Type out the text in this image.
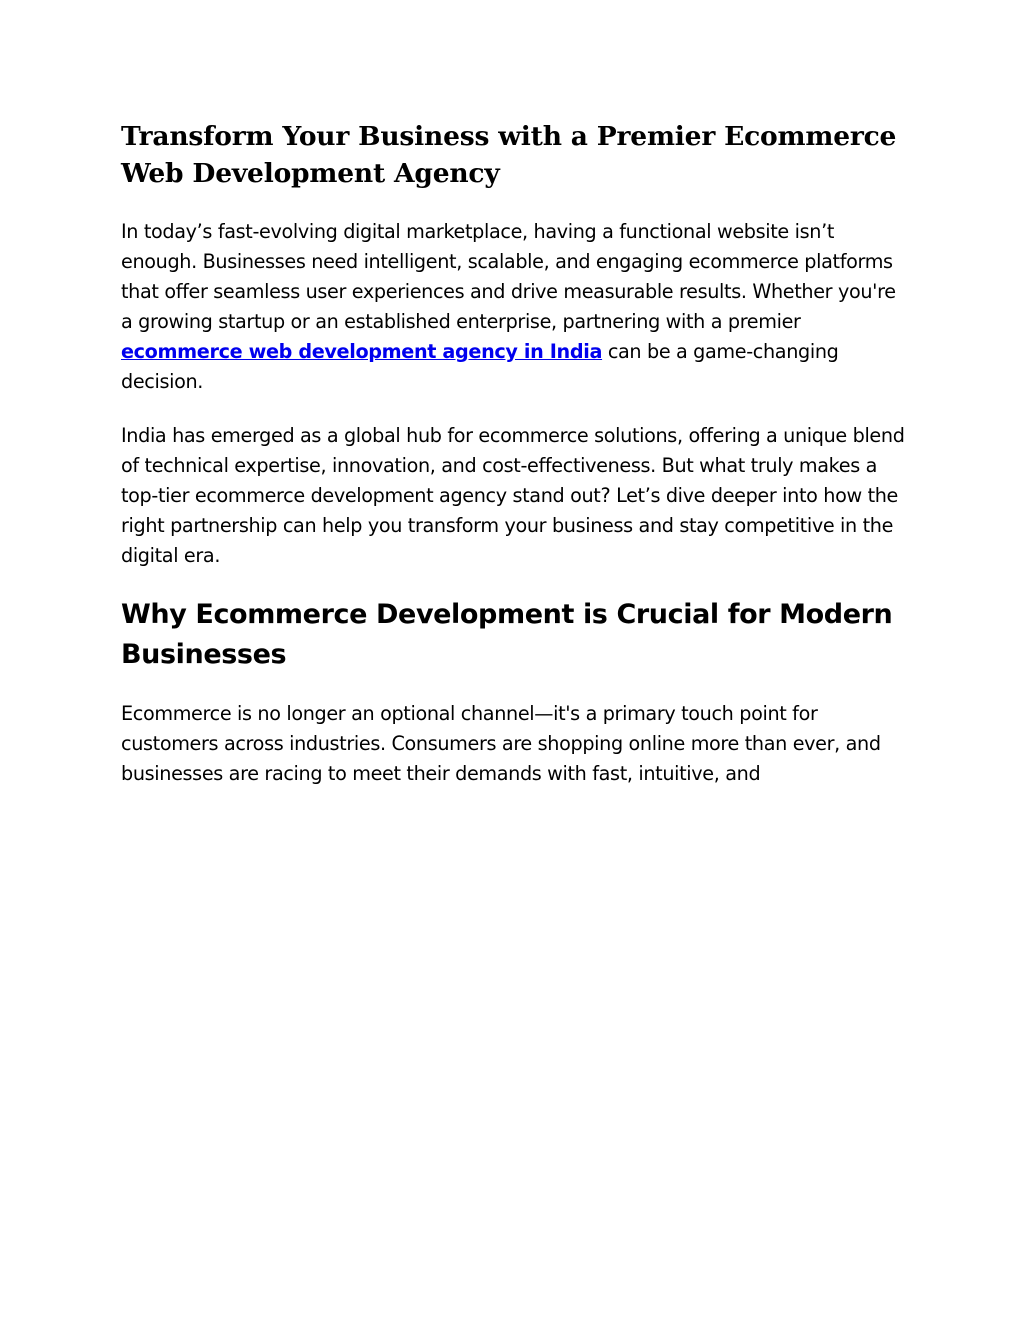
Transform Your Business with a Premier Ecommerce Web Development Agency

In today’s fast-evolving digital marketplace, having a functional website isn’t enough. Businesses need intelligent, scalable, and engaging ecommerce platforms that offer seamless user experiences and drive measurable results. Whether you're a growing startup or an established enterprise, partnering with a premier ecommerce web development agency in India can be a game-changing decision.

India has emerged as a global hub for ecommerce solutions, offering a unique blend of technical expertise, innovation, and cost-effectiveness. But what truly makes a top-tier ecommerce development agency stand out? Let’s dive deeper into how the right partnership can help you transform your business and stay competitive in the digital era.

Why Ecommerce Development is Crucial for Modern Businesses

Ecommerce is no longer an optional channel—it's a primary touch point for customers across industries. Consumers are shopping online more than ever, and businesses are racing to meet their demands with fast, intuitive, and
